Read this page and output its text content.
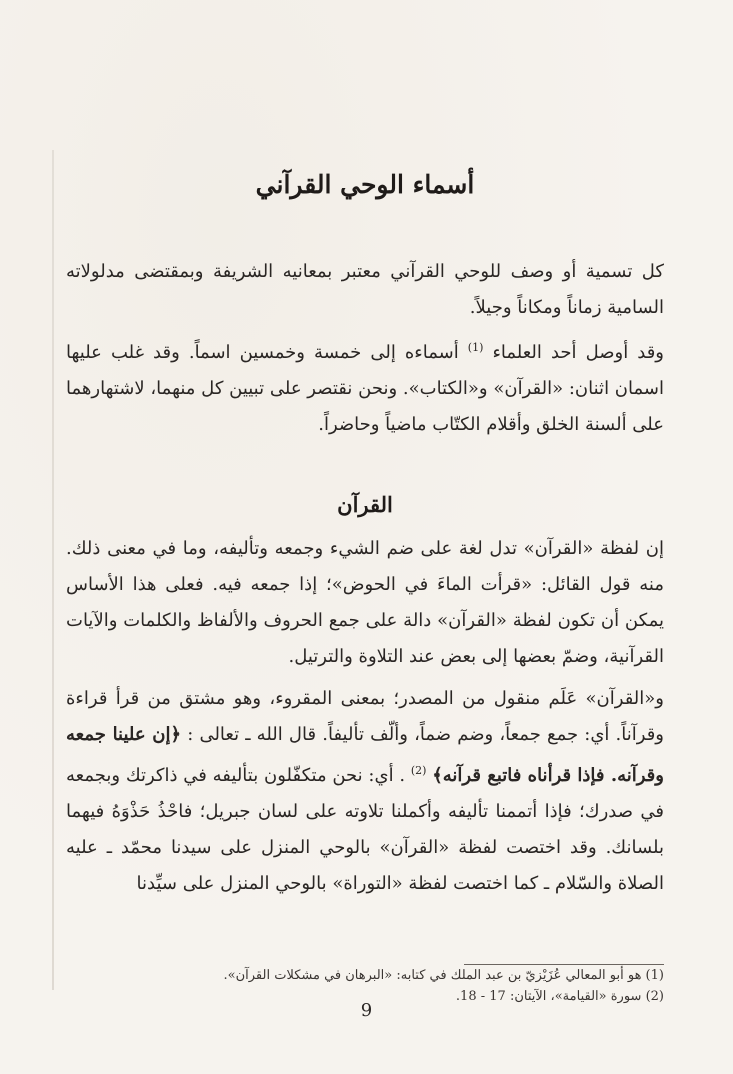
أسماء الوحي القرآني
كل تسمية أو وصف للوحي القرآني معتبر بمعانيه الشريفة وبمقتضى مدلولاته السامية زماناً ومكاناً وجيلاً.
وقد أوصل أحد العلماء $^{(1)}$ أسماءه إلى خمسة وخمسين اسماً. وقد غلب عليها اسمان اثنان: «القرآن» و«الكتاب». ونحن نقتصر على تبيين كل منهما، لاشتهارهما على ألسنة الخلق وأقلام الكتّاب ماضياً وحاضراً.
القرآن
إن لفظة «القرآن» تدل لغة على ضم الشيء وجمعه وتأليفه، وما في معنى ذلك. منه قول القائل: «قرأت الماءَ في الحوض»؛ إذا جمعه فيه. فعلى هذا الأساس يمكن أن تكون لفظة «القرآن» دالة على جمع الحروف والألفاظ والكلمات والآيات القرآنية، وضمّ بعضها إلى بعض عند التلاوة والترتيل.
و«القرآن» عَلَم منقول من المصدر؛ بمعنى المقروء، وهو مشتق من قرأ قراءة وقرآناً. أي: جمع جمعاً، وضم ضماً، وألّف تأليفاً. قال الله ـ تعالى : ﴿إن علينا جمعه وقرآنه. فإذا قرأناه فاتبع قرآنه﴾ $^{(2)}$ . أي: نحن متكفّلون بتأليفه في ذاكرتك وبجمعه في صدرك؛ فإذا أتممنا تأليفه وأكملنا تلاوته على لسان جبريل؛ فاحْذُ حَذْوَهُ فيهما بلسانك. وقد اختصت لفظة «القرآن» بالوحي المنزل على سيدنا محمّد ـ عليه الصلاة والسّلام ـ كما اختصت لفظة «التوراة» بالوحي المنزل على سيِّدنا
(1) هو أبو المعالي عُزَيْزيّ بن عبد الملك في كتابه: «البرهان في مشكلات القرآن».
(2) سورة «القيامة»، الآيتان: 17 - 18.
9
